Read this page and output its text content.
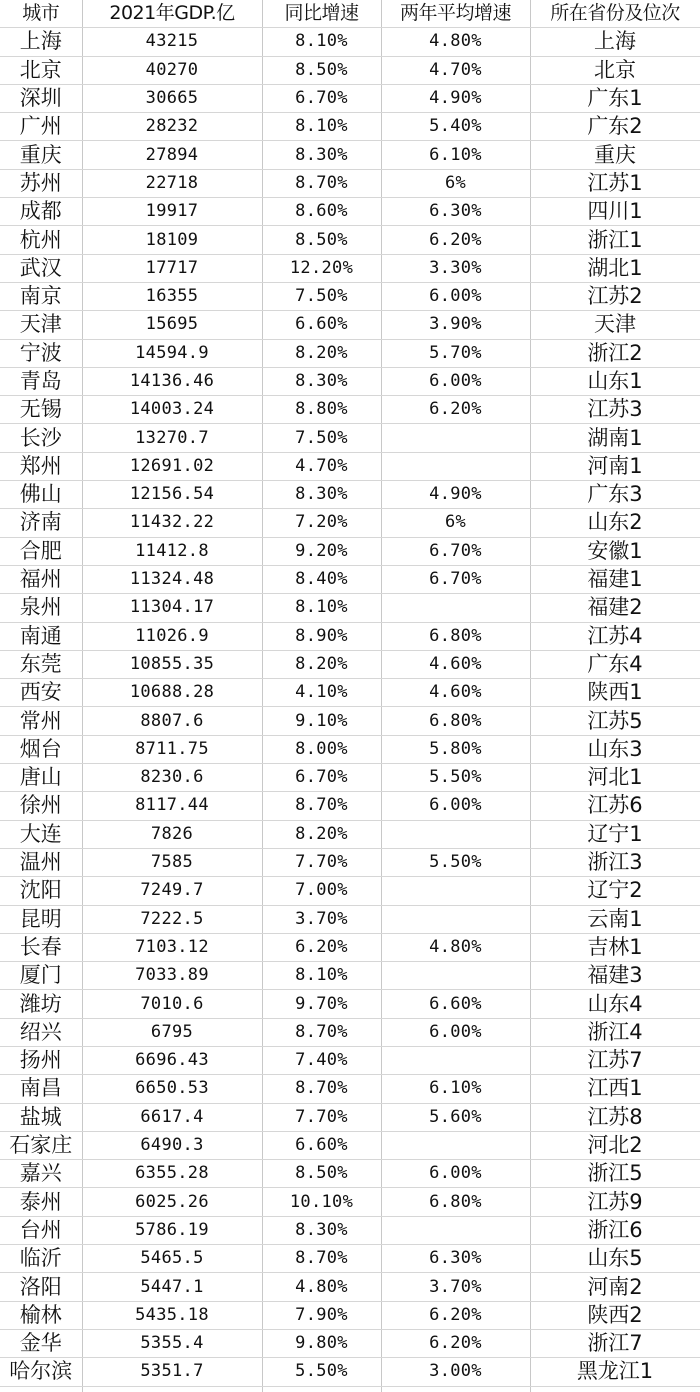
城市	2021年GDP.亿	同比增速	两年平均增速	所在省份及位次
上海	43215	8.10%	4.80%	上海
北京	40270	8.50%	4.70%	北京
深圳	30665	6.70%	4.90%	广东1
广州	28232	8.10%	5.40%	广东2
重庆	27894	8.30%	6.10%	重庆
苏州	22718	8.70%	6%	江苏1
成都	19917	8.60%	6.30%	四川1
杭州	18109	8.50%	6.20%	浙江1
武汉	17717	12.20%	3.30%	湖北1
南京	16355	7.50%	6.00%	江苏2
天津	15695	6.60%	3.90%	天津
宁波	14594.9	8.20%	5.70%	浙江2
青岛	14136.46	8.30%	6.00%	山东1
无锡	14003.24	8.80%	6.20%	江苏3
长沙	13270.7	7.50%		湖南1
郑州	12691.02	4.70%		河南1
佛山	12156.54	8.30%	4.90%	广东3
济南	11432.22	7.20%	6%	山东2
合肥	11412.8	9.20%	6.70%	安徽1
福州	11324.48	8.40%	6.70%	福建1
泉州	11304.17	8.10%		福建2
南通	11026.9	8.90%	6.80%	江苏4
东莞	10855.35	8.20%	4.60%	广东4
西安	10688.28	4.10%	4.60%	陕西1
常州	8807.6	9.10%	6.80%	江苏5
烟台	8711.75	8.00%	5.80%	山东3
唐山	8230.6	6.70%	5.50%	河北1
徐州	8117.44	8.70%	6.00%	江苏6
大连	7826	8.20%		辽宁1
温州	7585	7.70%	5.50%	浙江3
沈阳	7249.7	7.00%		辽宁2
昆明	7222.5	3.70%		云南1
长春	7103.12	6.20%	4.80%	吉林1
厦门	7033.89	8.10%		福建3
潍坊	7010.6	9.70%	6.60%	山东4
绍兴	6795	8.70%	6.00%	浙江4
扬州	6696.43	7.40%		江苏7
南昌	6650.53	8.70%	6.10%	江西1
盐城	6617.4	7.70%	5.60%	江苏8
石家庄	6490.3	6.60%		河北2
嘉兴	6355.28	8.50%	6.00%	浙江5
泰州	6025.26	10.10%	6.80%	江苏9
台州	5786.19	8.30%		浙江6
临沂	5465.5	8.70%	6.30%	山东5
洛阳	5447.1	4.80%	3.70%	河南2
榆林	5435.18	7.90%	6.20%	陕西2
金华	5355.4	9.80%	6.20%	浙江7
哈尔滨	5351.7	5.50%	3.00%	黑龙江1
